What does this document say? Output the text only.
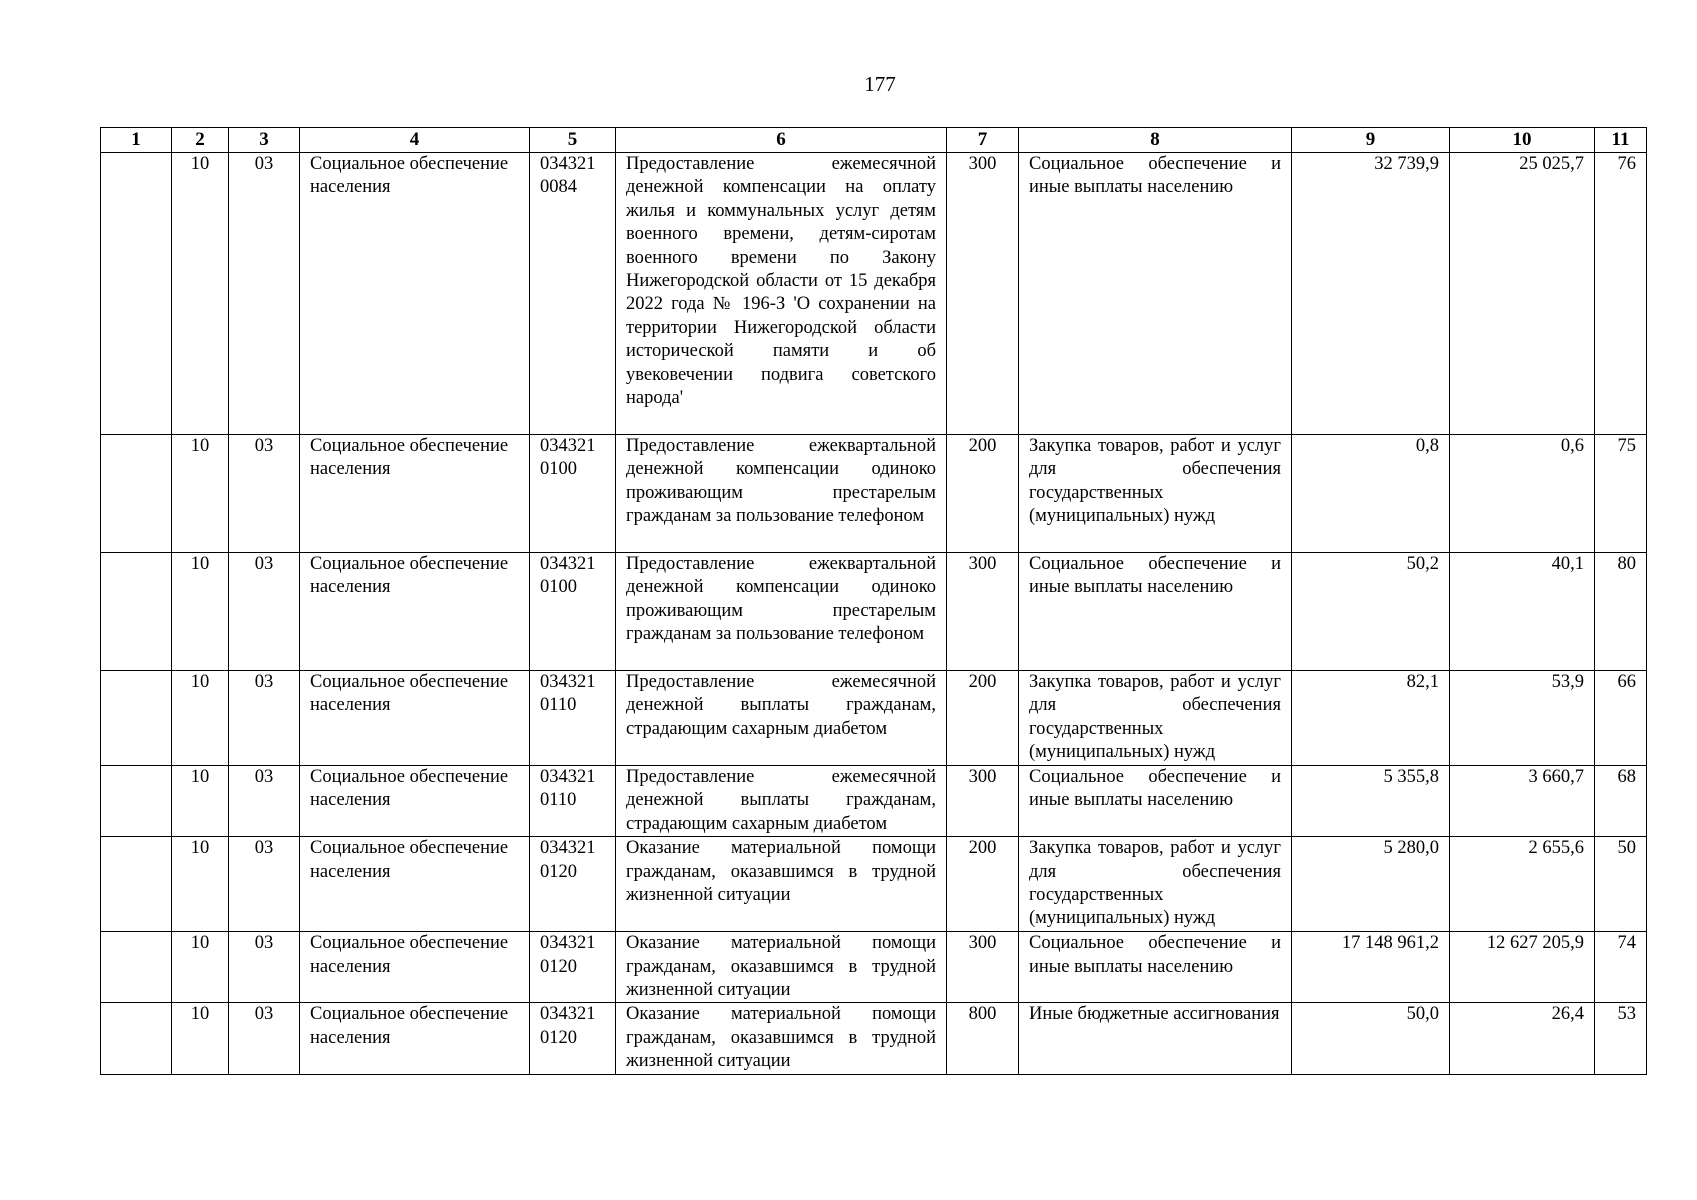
177
1	2	3	4	5	6	7	8	9	10	11
	10	03	Социальное обеспечение населения	034321 0084	Предоставление ежемесячной денежной компенсации на оплату жилья и коммунальных услуг детям военного времени, детям-сиротам военного времени по Закону Нижегородской области от 15 декабря 2022 года № 196-З 'О сохранении на территории Нижегородской области исторической памяти и об увековечении подвига советского народа'	300	Социальное обеспечение и иные выплаты населению	32 739,9	25 025,7	76
	10	03	Социальное обеспечение населения	034321 0100	Предоставление ежеквартальной денежной компенсации одиноко проживающим престарелым гражданам за пользование телефоном	200	Закупка товаров, работ и услуг для обеспечения государственных (муниципальных) нужд	0,8	0,6	75
	10	03	Социальное обеспечение населения	034321 0100	Предоставление ежеквартальной денежной компенсации одиноко проживающим престарелым гражданам за пользование телефоном	300	Социальное обеспечение и иные выплаты населению	50,2	40,1	80
	10	03	Социальное обеспечение населения	034321 0110	Предоставление ежемесячной денежной выплаты гражданам, страдающим сахарным диабетом	200	Закупка товаров, работ и услуг для обеспечения государственных (муниципальных) нужд	82,1	53,9	66
	10	03	Социальное обеспечение населения	034321 0110	Предоставление ежемесячной денежной выплаты гражданам, страдающим сахарным диабетом	300	Социальное обеспечение и иные выплаты населению	5 355,8	3 660,7	68
	10	03	Социальное обеспечение населения	034321 0120	Оказание материальной помощи гражданам, оказавшимся в трудной жизненной ситуации	200	Закупка товаров, работ и услуг для обеспечения государственных (муниципальных) нужд	5 280,0	2 655,6	50
	10	03	Социальное обеспечение населения	034321 0120	Оказание материальной помощи гражданам, оказавшимся в трудной жизненной ситуации	300	Социальное обеспечение и иные выплаты населению	17 148 961,2	12 627 205,9	74
	10	03	Социальное обеспечение населения	034321 0120	Оказание материальной помощи гражданам, оказавшимся в трудной жизненной ситуации	800	Иные бюджетные ассигнования	50,0	26,4	53
